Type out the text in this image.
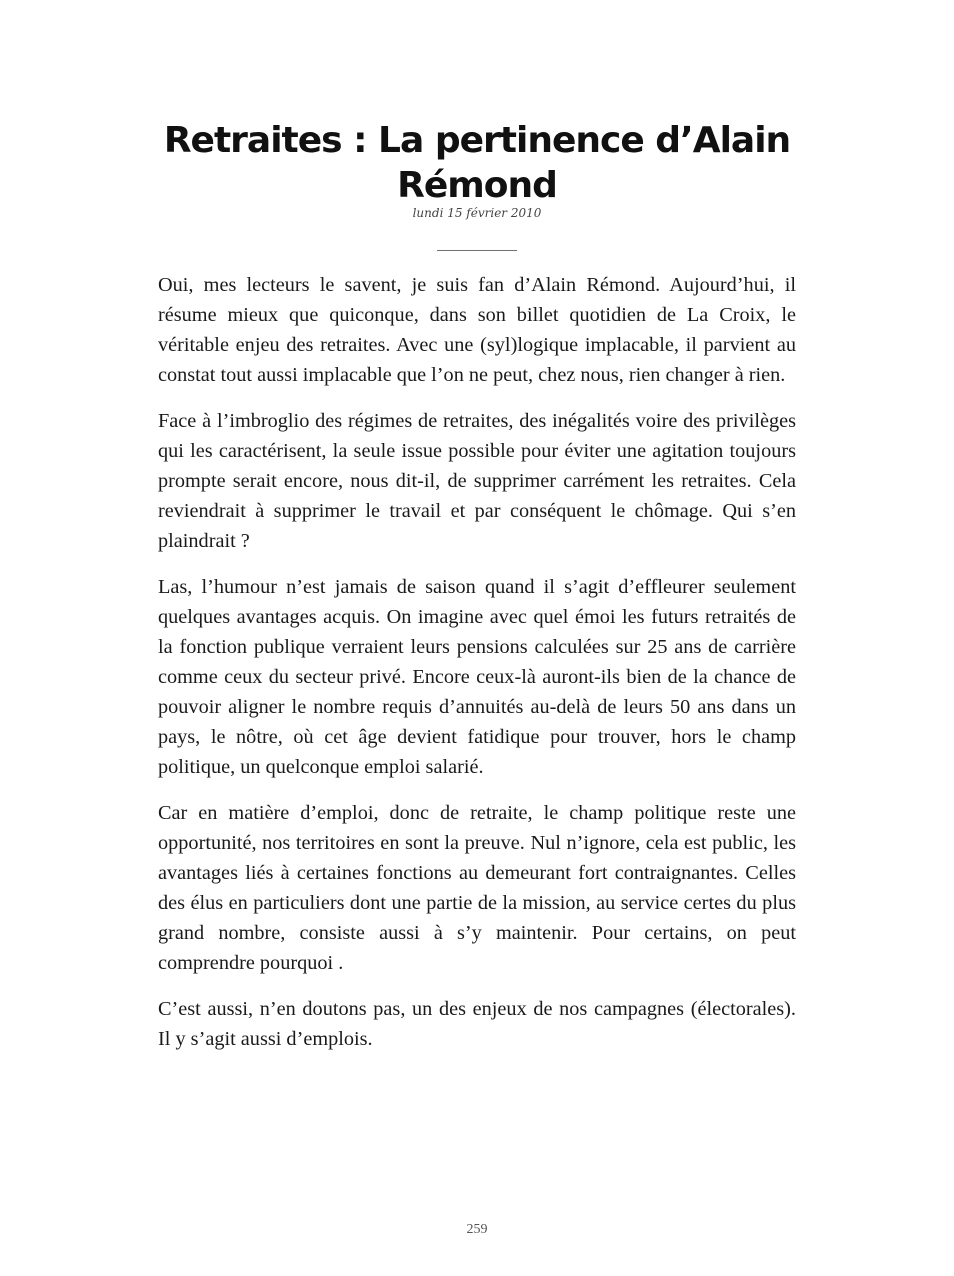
Retraites : La pertinence d’Alain Rémond
lundi 15 février 2010
__________

Oui, mes lecteurs le savent, je suis fan d’Alain Rémond. Aujourd’hui, il résume mieux que quiconque, dans son billet quotidien de La Croix, le véritable enjeu des retraites. Avec une (syl)logique implacable, il parvient au constat tout aussi implacable que l’on ne peut, chez nous, rien changer à rien.

Face à l’imbroglio des régimes de retraites, des inégalités voire des privilèges qui les caractérisent, la seule issue possible pour éviter une agitation toujours prompte serait encore, nous dit-il, de supprimer carrément les retraites. Cela reviendrait à supprimer le travail et par conséquent le chômage. Qui s’en plaindrait ?

Las, l’humour n’est jamais de saison quand il s’agit d’effleurer seulement quelques avantages acquis. On imagine avec quel émoi les futurs retraités de la fonction publique verraient leurs pensions calculées sur 25 ans de carrière comme ceux du secteur privé. Encore ceux-là auront-ils bien de la chance de pouvoir aligner le nombre requis d’annuités au-delà de leurs 50 ans dans un pays, le nôtre, où cet âge devient fatidique pour trouver, hors le champ politique, un quelconque emploi salarié.

Car en matière d’emploi, donc de retraite, le champ politique reste une opportunité, nos territoires en sont la preuve. Nul n’ignore, cela est public, les avantages liés à certaines fonctions au demeurant fort contraignantes. Celles des élus en particuliers dont une partie de la mission, au service certes du plus grand nombre, consiste aussi à s’y maintenir. Pour certains, on peut comprendre pourquoi .

C’est aussi, n’en doutons pas, un des enjeux de nos campagnes (électorales). Il y s’agit aussi d’emplois.

259
